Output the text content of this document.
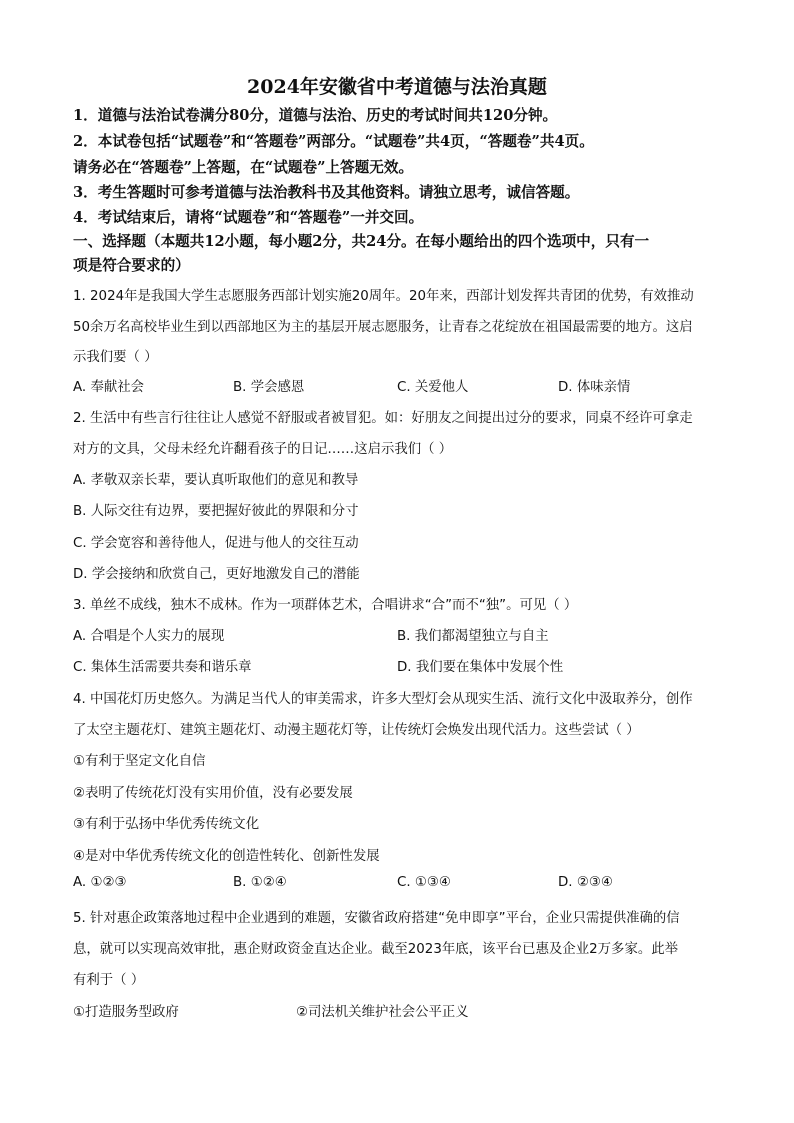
2024年安徽省中考道德与法治真题
1．道德与法治试卷满分80分，道德与法治、历史的考试时间共120分钟。
2．本试卷包括“试题卷”和“答题卷”两部分。“试题卷”共4页，“答题卷”共4页。
请务必在“答题卷”上答题，在“试题卷”上答题无效。
3．考生答题时可参考道德与法治教科书及其他资料。请独立思考，诚信答题。
4．考试结束后，请将“试题卷”和“答题卷”一并交回。
一、选择题（本题共12小题，每小题2分，共24分。在每小题给出的四个选项中，只有一
项是符合要求的）
1. 2024年是我国大学生志愿服务西部计划实施20周年。20年来，西部计划发挥共青团的优势，有效推动
50余万名高校毕业生到以西部地区为主的基层开展志愿服务，让青春之花绽放在祖国最需要的地方。这启
示我们要（ ）
A. 奉献社会	B. 学会感恩	C. 关爱他人	D. 体味亲情
2. 生活中有些言行往往让人感觉不舒服或者被冒犯。如：好朋友之间提出过分的要求，同桌不经许可拿走
对方的文具，父母未经允许翻看孩子的日记……这启示我们（ ）
A. 孝敬双亲长辈，要认真听取他们的意见和教导
B. 人际交往有边界，要把握好彼此的界限和分寸
C. 学会宽容和善待他人，促进与他人的交往互动
D. 学会接纳和欣赏自己，更好地激发自己的潜能
3. 单丝不成线，独木不成林。作为一项群体艺术，合唱讲求“合”而不“独”。可见（ ）
A. 合唱是个人实力的展现	B. 我们都渴望独立与自主
C. 集体生活需要共奏和谐乐章	D. 我们要在集体中发展个性
4. 中国花灯历史悠久。为满足当代人的审美需求，许多大型灯会从现实生活、流行文化中汲取养分，创作
了太空主题花灯、建筑主题花灯、动漫主题花灯等，让传统灯会焕发出现代活力。这些尝试（ ）
①有利于坚定文化自信
②表明了传统花灯没有实用价值，没有必要发展
③有利于弘扬中华优秀传统文化
④是对中华优秀传统文化的创造性转化、创新性发展
A. ①②③	B. ①②④	C. ①③④	D. ②③④
5. 针对惠企政策落地过程中企业遇到的难题，安徽省政府搭建“免申即享”平台，企业只需提供准确的信
息，就可以实现高效审批，惠企财政资金直达企业。截至2023年底，该平台已惠及企业2万多家。此举
有利于（ ）
①打造服务型政府	②司法机关维护社会公平正义
